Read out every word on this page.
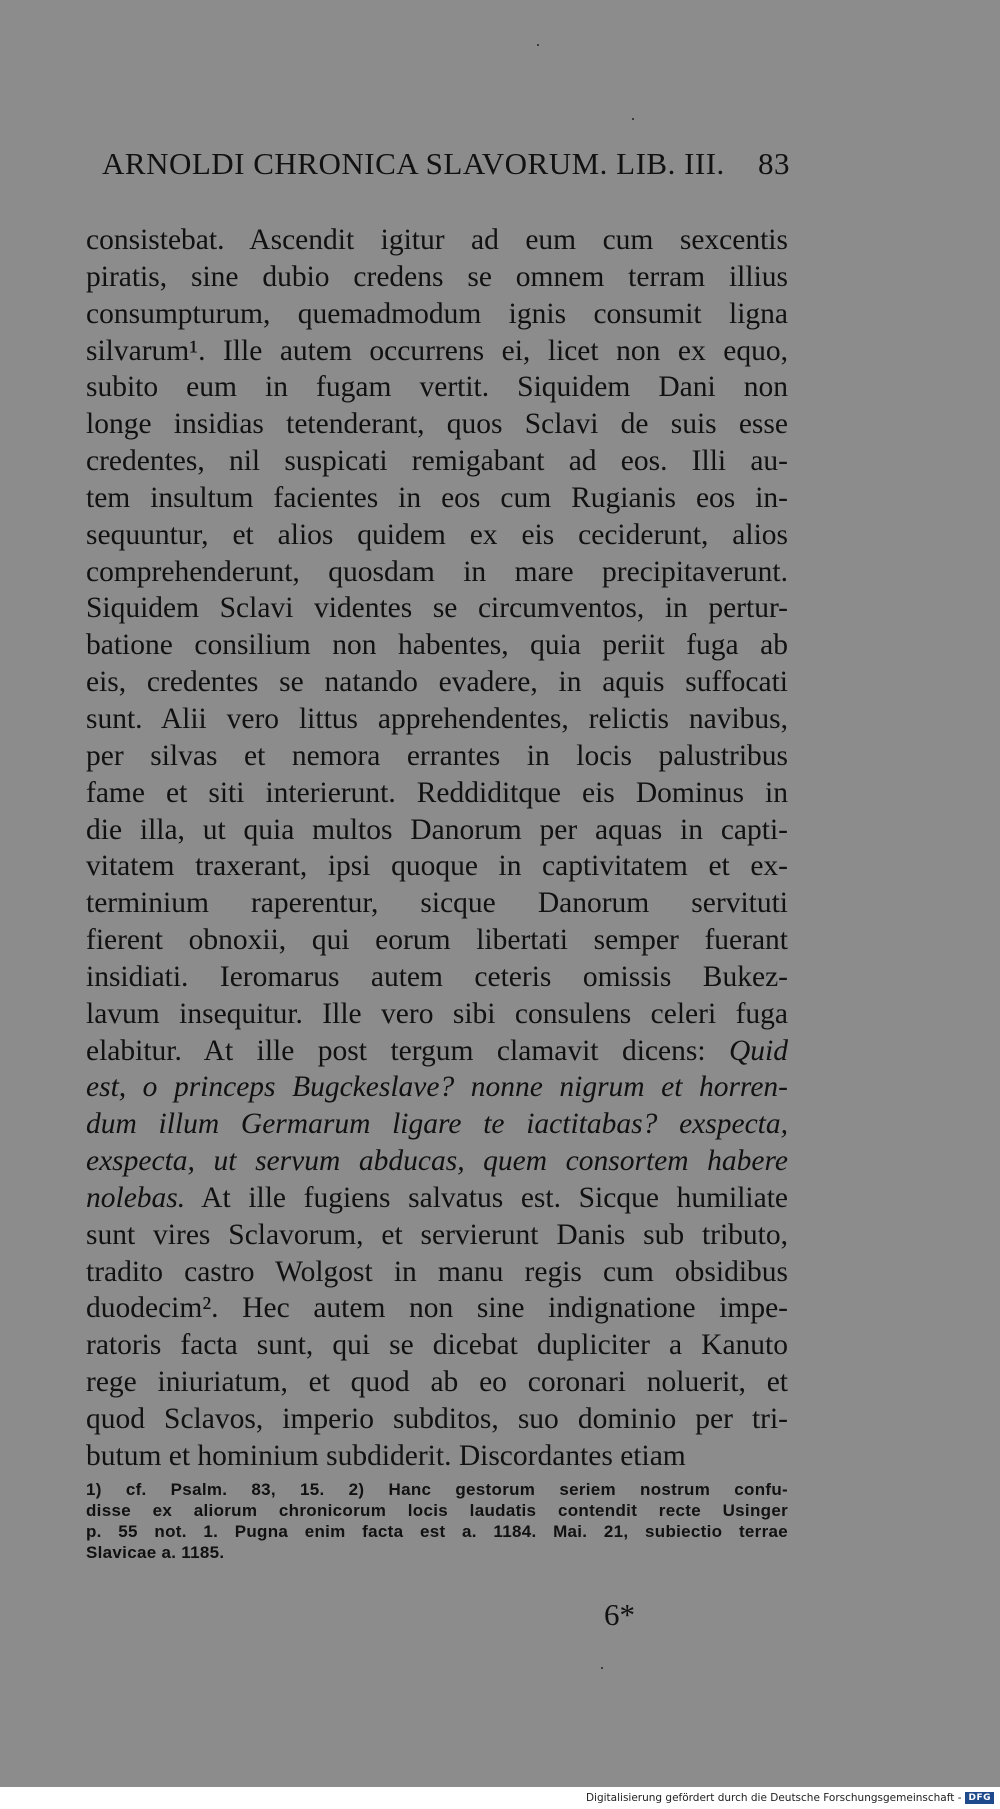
ARNOLDI CHRONICA SLAVORUM. LIB. III. 83
consistebat. Ascendit igitur ad eum cum sexcentis
piratis, sine dubio credens se omnem terram illius
consumpturum, quemadmodum ignis consumit ligna
silvarum¹. Ille autem occurrens ei, licet non ex equo,
subito eum in fugam vertit. Siquidem Dani non
longe insidias tetenderant, quos Sclavi de suis esse
credentes, nil suspicati remigabant ad eos. Illi au-
tem insultum facientes in eos cum Rugianis eos in-
sequuntur, et alios quidem ex eis ceciderunt, alios
comprehenderunt, quosdam in mare precipitaverunt.
Siquidem Sclavi videntes se circumventos, in pertur-
batione consilium non habentes, quia periit fuga ab
eis, credentes se natando evadere, in aquis suffocati
sunt. Alii vero littus apprehendentes, relictis navibus,
per silvas et nemora errantes in locis palustribus
fame et siti interierunt. Reddiditque eis Dominus in
die illa, ut quia multos Danorum per aquas in capti-
vitatem traxerant, ipsi quoque in captivitatem et ex-
terminium raperentur, sicque Danorum servituti
fierent obnoxii, qui eorum libertati semper fuerant
insidiati. Ieromarus autem ceteris omissis Bukez-
lavum insequitur. Ille vero sibi consulens celeri fuga
elabitur. At ille post tergum clamavit dicens: Quid
est, o princeps Bugckeslave? nonne nigrum et horren-
dum illum Germarum ligare te iactitabas? exspecta,
exspecta, ut servum abducas, quem consortem habere
nolebas. At ille fugiens salvatus est. Sicque humiliate
sunt vires Sclavorum, et servierunt Danis sub tributo,
tradito castro Wolgost in manu regis cum obsidibus
duodecim². Hec autem non sine indignatione impe-
ratoris facta sunt, qui se dicebat dupliciter a Kanuto
rege iniuriatum, et quod ab eo coronari noluerit, et
quod Sclavos, imperio subditos, suo dominio per tri-
butum et hominium subdiderit. Discordantes etiam
1) cf. Psalm. 83, 15. 2) Hanc gestorum seriem nostrum confu-
disse ex aliorum chronicorum locis laudatis contendit recte Usinger
p. 55 not. 1. Pugna enim facta est a. 1184. Mai. 21, subiectio terrae
Slavicae a. 1185.
6*
Digitalisierung gefördert durch die Deutsche Forschungsgemeinschaft - DFG
